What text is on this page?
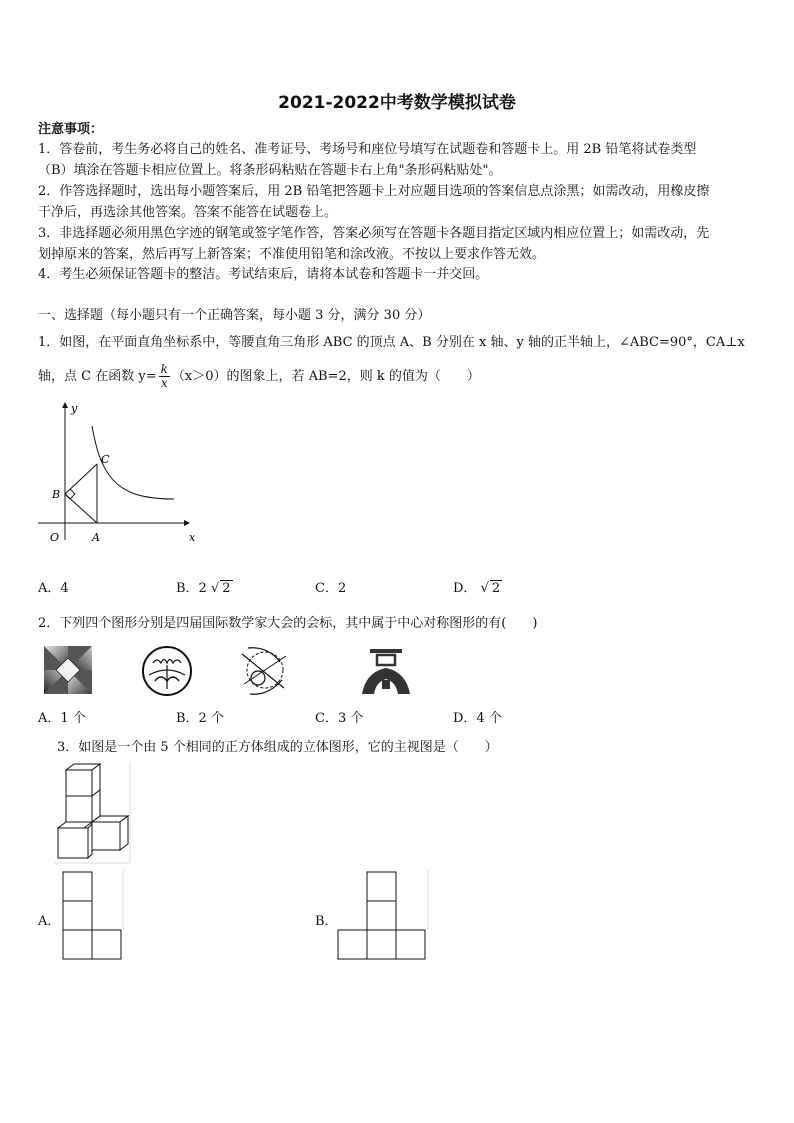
2021-2022中考数学模拟试卷
注意事项：
1．答卷前，考生务必将自己的姓名、准考证号、考场号和座位号填写在试题卷和答题卡上。用 2B 铅笔将试卷类型
（B）填涂在答题卡相应位置上。将条形码粘贴在答题卡右上角"条形码粘贴处"。
2．作答选择题时，选出每小题答案后，用 2B 铅笔把答题卡上对应题目选项的答案信息点涂黑；如需改动，用橡皮擦
干净后，再选涂其他答案。答案不能答在试题卷上。
3．非选择题必须用黑色字迹的钢笔或签字笔作答，答案必须写在答题卡各题目指定区域内相应位置上；如需改动，先
划掉原来的答案，然后再写上新答案；不准使用铅笔和涂改液。不按以上要求作答无效。
4．考生必须保证答题卡的整洁。考试结束后，请将本试卷和答题卡一并交回。
一、选择题（每小题只有一个正确答案，每小题 3 分，满分 30 分）
1．如图，在平面直角坐标系中，等腰直角三角形 ABC 的顶点 A、B 分别在 x 轴、y 轴的正半轴上，∠ABC=90°，CA⊥x
轴，点 C 在函数 $y= \frac{k}{x} (x>0)$的图象上，若 AB=2，则 k 的值为（　　）
y
x
O	A
B
C
A．4	B．2 √ 2	C．2	D． √ 2
2．下列四个图形分别是四届国际数学家大会的会标，其中属于中心对称图形的有(　　)
A．1 个	B．2 个	C．3 个	D．4 个
3．如图是一个由 5 个相同的正方体组成的立体图形，它的主视图是（　　）
A．	B．
